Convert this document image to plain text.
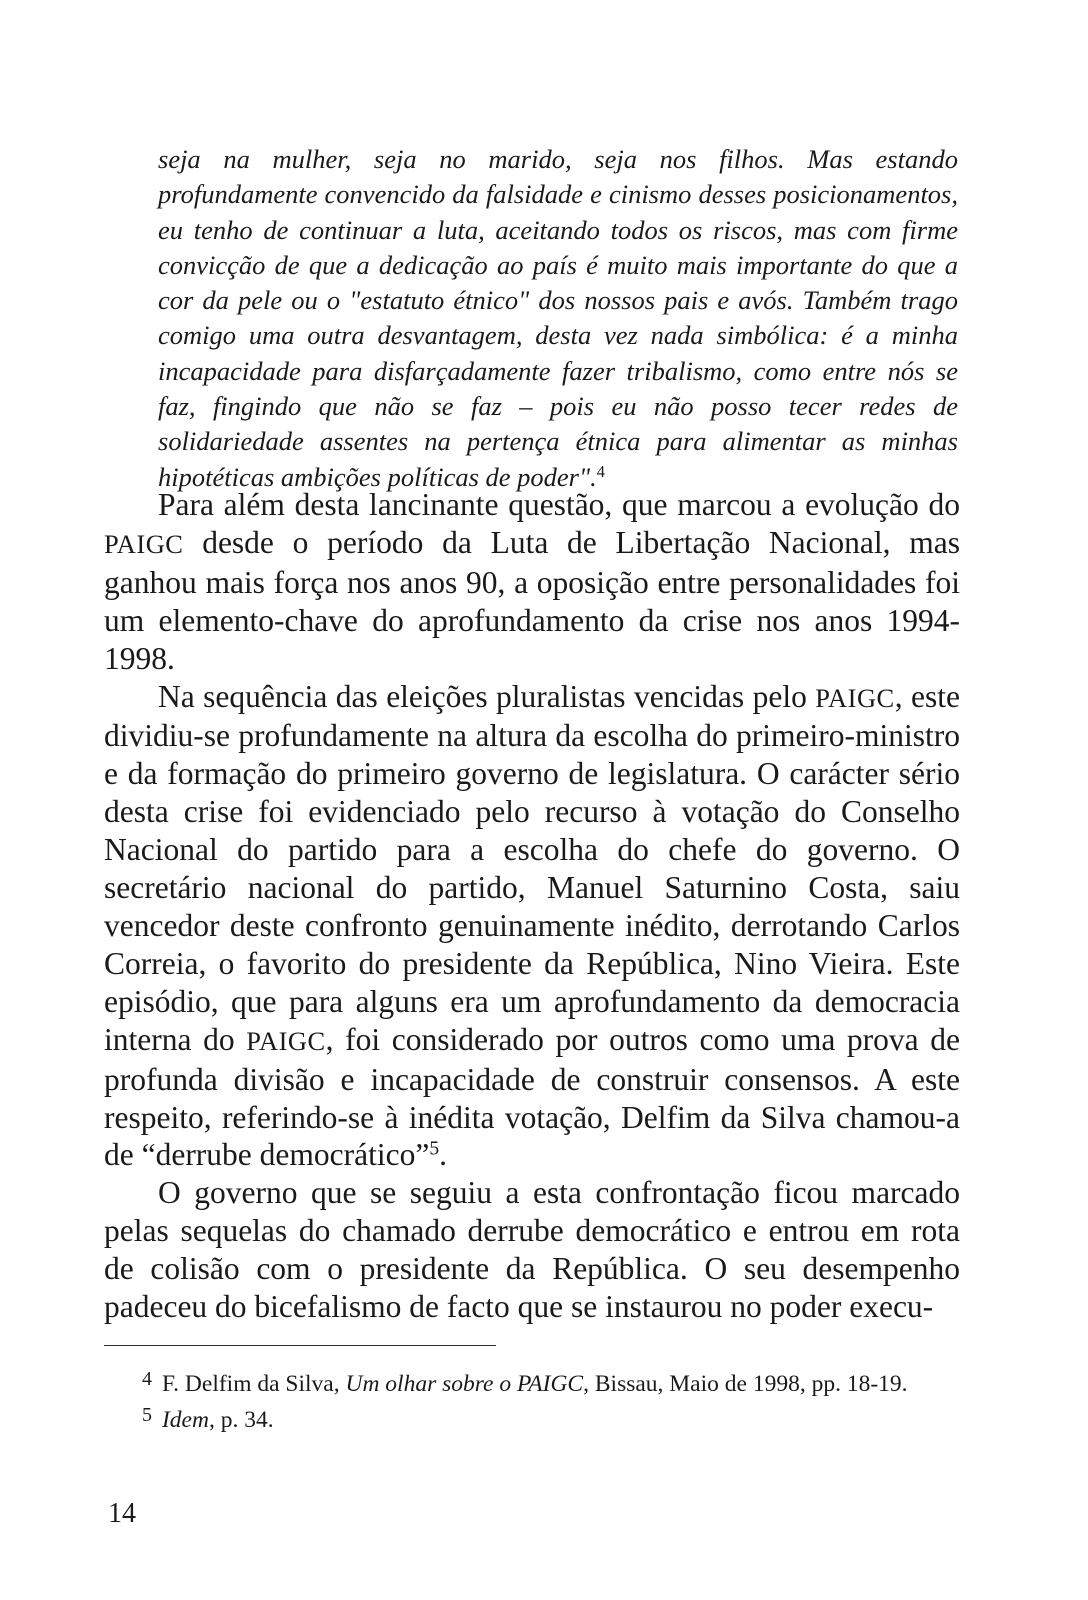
seja na mulher, seja no marido, seja nos filhos. Mas estando profundamente convencido da falsidade e cinismo desses posicionamentos, eu tenho de continuar a luta, aceitando todos os riscos, mas com firme convicção de que a dedicação ao país é muito mais importante do que a cor da pele ou o "estatuto étnico" dos nossos pais e avós. Também trago comigo uma outra desvantagem, desta vez nada simbólica: é a minha incapacidade para disfarçadamente fazer tribalismo, como entre nós se faz, fingindo que não se faz – pois eu não posso tecer redes de solidariedade assentes na pertença étnica para alimentar as minhas hipotéticas ambições políticas de poder".$^4$

Para além desta lancinante questão, que marcou a evolução do PAIGC desde o período da Luta de Libertação Nacional, mas ganhou mais força nos anos 90, a oposição entre personalidades foi um elemento-chave do aprofundamento da crise nos anos 1994-1998.

Na sequência das eleições pluralistas vencidas pelo PAIGC, este dividiu-se profundamente na altura da escolha do primeiro-ministro e da formação do primeiro governo de legislatura. O carácter sério desta crise foi evidenciado pelo recurso à votação do Conselho Nacional do partido para a escolha do chefe do governo. O secretário nacional do partido, Manuel Saturnino Costa, saiu vencedor deste confronto genuinamente inédito, derrotando Carlos Correia, o favorito do presidente da República, Nino Vieira. Este episódio, que para alguns era um aprofundamento da democracia interna do PAIGC, foi considerado por outros como uma prova de profunda divisão e incapacidade de construir consensos. A este respeito, referindo-se à inédita votação, Delfim da Silva chamou-a de “derrube democrático”$^5$.

O governo que se seguiu a esta confrontação ficou marcado pelas sequelas do chamado derrube democrático e entrou em rota de colisão com o presidente da República. O seu desempenho padeceu do bicefalismo de facto que se instaurou no poder execu-

4 F. Delfim da Silva, Um olhar sobre o PAIGC, Bissau, Maio de 1998, pp. 18-19.

5 Idem, p. 34.

14
